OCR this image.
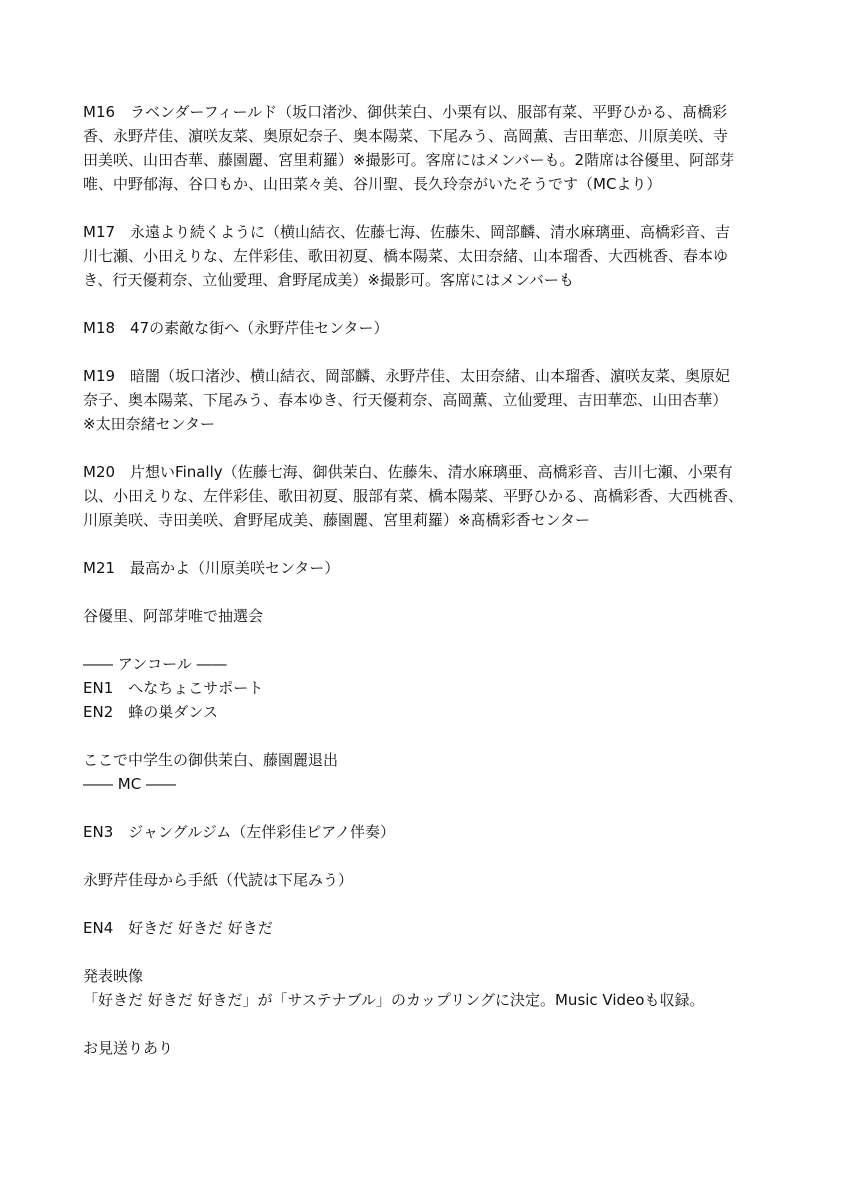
M16　ラベンダーフィールド（坂口渚沙、御供茉白、小栗有以、服部有菜、平野ひかる、髙橋彩
香、永野芹佳、濵咲友菜、奥原妃奈子、奥本陽菜、下尾みう、高岡薫、吉田華恋、川原美咲、寺
田美咲、山田杏華、藤園麗、宮里莉羅）※撮影可。客席にはメンバーも。2階席は谷優里、阿部芽
唯、中野郁海、谷口もか、山田菜々美、谷川聖、長久玲奈がいたそうです（MCより）
M17　永遠より続くように（横山結衣、佐藤七海、佐藤朱、岡部麟、清水麻璃亜、高橋彩音、吉
川七瀬、小田えりな、左伴彩佳、歌田初夏、橋本陽菜、太田奈緒、山本瑠香、大西桃香、春本ゆ
き、行天優莉奈、立仙愛理、倉野尾成美）※撮影可。客席にはメンバーも
M18　47の素敵な街へ（永野芹佳センター）
M19　暗闇（坂口渚沙、横山結衣、岡部麟、永野芹佳、太田奈緒、山本瑠香、濵咲友菜、奥原妃
奈子、奥本陽菜、下尾みう、春本ゆき、行天優莉奈、高岡薫、立仙愛理、吉田華恋、山田杏華）
※太田奈緒センター
M20　片想いFinally（佐藤七海、御供茉白、佐藤朱、清水麻璃亜、高橋彩音、吉川七瀬、小栗有
以、小田えりな、左伴彩佳、歌田初夏、服部有菜、橋本陽菜、平野ひかる、髙橋彩香、大西桃香、
川原美咲、寺田美咲、倉野尾成美、藤園麗、宮里莉羅）※髙橋彩香センター
M21　最高かよ（川原美咲センター）
谷優里、阿部芽唯で抽選会
―― アンコール ――
EN1　へなちょこサポート
EN2　蜂の巣ダンス
ここで中学生の御供茉白、藤園麗退出
―― MC ――
EN3　ジャングルジム（左伴彩佳ピアノ伴奏）
永野芹佳母から手紙（代読は下尾みう）
EN4　好きだ 好きだ 好きだ
発表映像
「好きだ 好きだ 好きだ」が「サステナブル」のカップリングに決定。Music Videoも収録。
お見送りあり
